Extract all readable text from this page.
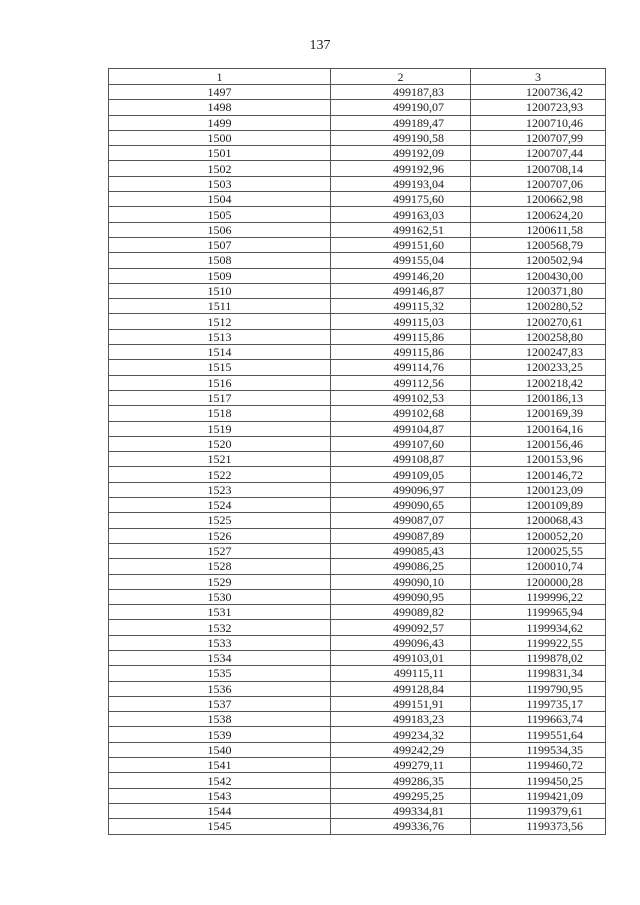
137
1	2	3
1497	499187,83	1200736,42
1498	499190,07	1200723,93
1499	499189,47	1200710,46
1500	499190,58	1200707,99
1501	499192,09	1200707,44
1502	499192,96	1200708,14
1503	499193,04	1200707,06
1504	499175,60	1200662,98
1505	499163,03	1200624,20
1506	499162,51	1200611,58
1507	499151,60	1200568,79
1508	499155,04	1200502,94
1509	499146,20	1200430,00
1510	499146,87	1200371,80
1511	499115,32	1200280,52
1512	499115,03	1200270,61
1513	499115,86	1200258,80
1514	499115,86	1200247,83
1515	499114,76	1200233,25
1516	499112,56	1200218,42
1517	499102,53	1200186,13
1518	499102,68	1200169,39
1519	499104,87	1200164,16
1520	499107,60	1200156,46
1521	499108,87	1200153,96
1522	499109,05	1200146,72
1523	499096,97	1200123,09
1524	499090,65	1200109,89
1525	499087,07	1200068,43
1526	499087,89	1200052,20
1527	499085,43	1200025,55
1528	499086,25	1200010,74
1529	499090,10	1200000,28
1530	499090,95	1199996,22
1531	499089,82	1199965,94
1532	499092,57	1199934,62
1533	499096,43	1199922,55
1534	499103,01	1199878,02
1535	499115,11	1199831,34
1536	499128,84	1199790,95
1537	499151,91	1199735,17
1538	499183,23	1199663,74
1539	499234,32	1199551,64
1540	499242,29	1199534,35
1541	499279,11	1199460,72
1542	499286,35	1199450,25
1543	499295,25	1199421,09
1544	499334,81	1199379,61
1545	499336,76	1199373,56
